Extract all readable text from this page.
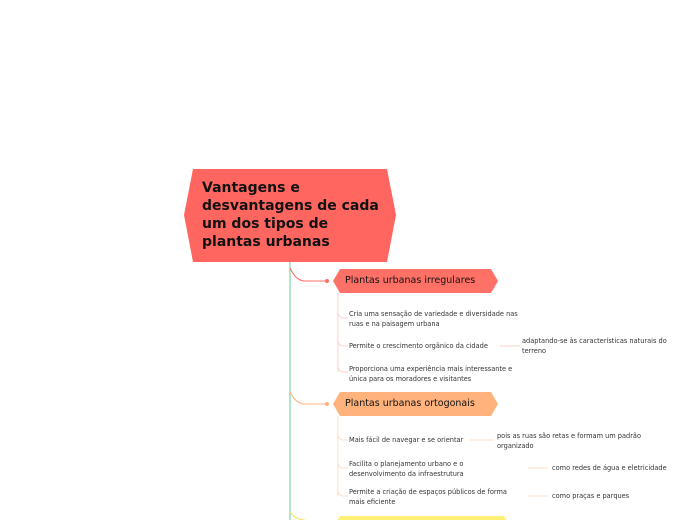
Vantagens e desvantagens de cada um dos tipos de plantas urbanas
Plantas urbanas irregulares
Plantas urbanas ortogonais
Cria uma sensação de variedade e diversidade nas ruas e na paisagem urbana
Permite o crescimento orgânico da cidade
adaptando-se às características naturais do terreno
Proporciona uma experiência mais interessante e única para os moradores e visitantes
Mais fácil de navegar e se orientar	pois as ruas são retas e formam um padrão organizado
Facilita o planejamento urbano e o desenvolvimento da infraestrutura
como redes de água e eletricidade
Permite a criação de espaços públicos de forma mais eficiente
como praças e parques
